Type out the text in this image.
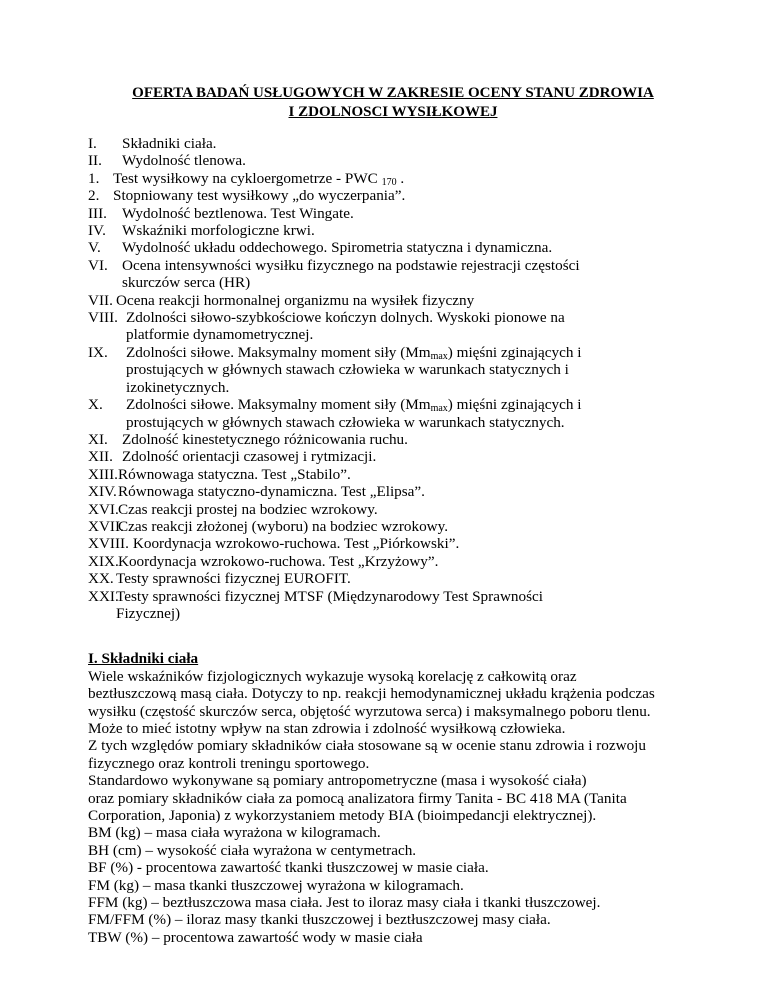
OFERTA BADAŃ USŁUGOWYCH W ZAKRESIE OCENY STANU ZDROWIA
I ZDOLNOSCI WYSIŁKOWEJ
I.	Składniki ciała.
II.	Wydolność tlenowa.
1. Test wysiłkowy na cykloergometrze - PWC $_{170}$ .
2. Stopniowany test wysiłkowy „do wyczerpania”.
III. Wydolność beztlenowa. Test Wingate.
IV.	Wskaźniki morfologiczne krwi.
V.	Wydolność układu oddechowego. Spirometria statyczna i dynamiczna.
VI. Ocena intensywności wysiłku fizycznego na podstawie rejestracji częstości
skurczów serca (HR)
VII. Ocena reakcji hormonalnej organizmu na wysiłek fizyczny
VIII. Zdolności siłowo-szybkościowe kończyn dolnych. Wyskoki pionowe na
platformie dynamometrycznej.
IX.	Zdolności siłowe. Maksymalny moment siły $(Mm_{max})$ mięśni zginających i
prostujących w głównych stawach człowieka w warunkach statycznych i
izokinetycznych.
X.	Zdolności siłowe. Maksymalny moment siły $(Mm_{max})$ mięśni zginających i
prostujących w głównych stawach człowieka w warunkach statycznych.
XI. Zdolność kinestetycznego różnicowania ruchu.
XII. Zdolność orientacji czasowej i rytmizacji.
XIII. Równowaga statyczna. Test „Stabilo”.
XIV. Równowaga statyczno-dynamiczna. Test „Elipsa”.
XVI. Czas reakcji prostej na bodziec wzrokowy.
XVII.
Czas reakcji złożonej (wyboru) na bodziec wzrokowy.
XVIII. Koordynacja wzrokowo-ruchowa. Test „Piórkowski”.
XIX. Koordynacja wzrokowo-ruchowa. Test „Krzyżowy”.
XX. Testy sprawności fizycznej EUROFIT.
XXI.
Testy sprawności fizycznej MTSF (Międzynarodowy Test Sprawności
Fizycznej)
I. Składniki ciała
Wiele wskaźników fizjologicznych wykazuje wysoką korelację z całkowitą oraz
beztłuszczową masą ciała. Dotyczy to np. reakcji hemodynamicznej układu krążenia podczas
wysiłku (częstość skurczów serca, objętość wyrzutowa serca) i maksymalnego poboru tlenu.
Może to mieć istotny wpływ na stan zdrowia i zdolność wysiłkową człowieka.
Z tych względów pomiary składników ciała stosowane są w ocenie stanu zdrowia i rozwoju
fizycznego oraz kontroli treningu sportowego.
Standardowo wykonywane są pomiary antropometryczne (masa i wysokość ciała)
oraz pomiary składników ciała za pomocą analizatora firmy Tanita - BC 418 MA (Tanita
Corporation, Japonia) z wykorzystaniem metody BIA (bioimpedancji elektrycznej).
BM (kg) – masa ciała wyrażona w kilogramach.
BH (cm) – wysokość ciała wyrażona w centymetrach.
BF (%) - procentowa zawartość tkanki tłuszczowej w masie ciała.
FM (kg) – masa tkanki tłuszczowej wyrażona w kilogramach.
FFM (kg) – beztłuszczowa masa ciała. Jest to iloraz masy ciała i tkanki tłuszczowej.
FM/FFM (%) – iloraz masy tkanki tłuszczowej i beztłuszczowej masy ciała.
TBW (%) – procentowa zawartość wody w masie ciała
